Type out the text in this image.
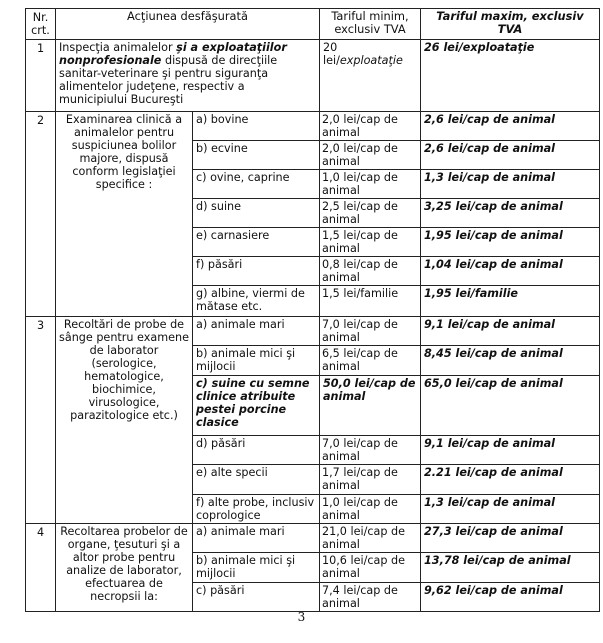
Nr. crt.	Acţiunea desfăşurată		Tariful minim, exclusiv TVA	Tariful maxim, exclusiv TVA
1	Inspecţia animalelor şi a exploataţiilor nonprofesionale dispusă de direcţiile sanitar-veterinare şi pentru siguranţa alimentelor judeţene, respectiv a municipiului Bucureşti		20 lei/exploataţie	26 lei/exploataţie
2	Examinarea clinică a animalelor pentru suspiciunea bolilor majore, dispusă conform legislaţiei specifice :	a) bovine	2,0 lei/cap de animal	2,6 lei/cap de animal
		b) ecvine	2,0 lei/cap de animal	2,6 lei/cap de animal
		c) ovine, caprine	1,0 lei/cap de animal	1,3 lei/cap de animal
		d) suine	2,5 lei/cap de animal	3,25 lei/cap de animal
		e) carnasiere	1,5 lei/cap de animal	1,95 lei/cap de animal
		f) păsări	0,8 lei/cap de animal	1,04 lei/cap de animal
		g) albine, viermi de mătase etc.	1,5 lei/familie	1,95 lei/familie
3	Recoltări de probe de sânge pentru examene de laborator (serologice, hematologice, biochimice, virusologice, parazitologice etc.)	a) animale mari	7,0 lei/cap de animal	9,1 lei/cap de animal
		b) animale mici şi mijlocii	6,5 lei/cap de animal	8,45 lei/cap de animal
		c) suine cu semne clinice atribuite pestei porcine clasice	50,0 lei/cap de animal	65,0 lei/cap de animal
		d) păsări	7,0 lei/cap de animal	9,1 lei/cap de animal
		e) alte specii	1,7 lei/cap de animal	2.21 lei/cap de animal
		f) alte probe, inclusiv coprologice	1,0 lei/cap de animal	1,3 lei/cap de animal
4	Recoltarea probelor de organe, ţesuturi şi a altor probe pentru analize de laborator, efectuarea de necropsii la:	a) animale mari	21,0 lei/cap de animal	27,3 lei/cap de animal
		b) animale mici şi mijlocii	10,6 lei/cap de animal	13,78 lei/cap de animal
		c) păsări	7,4 lei/cap de animal	9,62 lei/cap de animal
3
